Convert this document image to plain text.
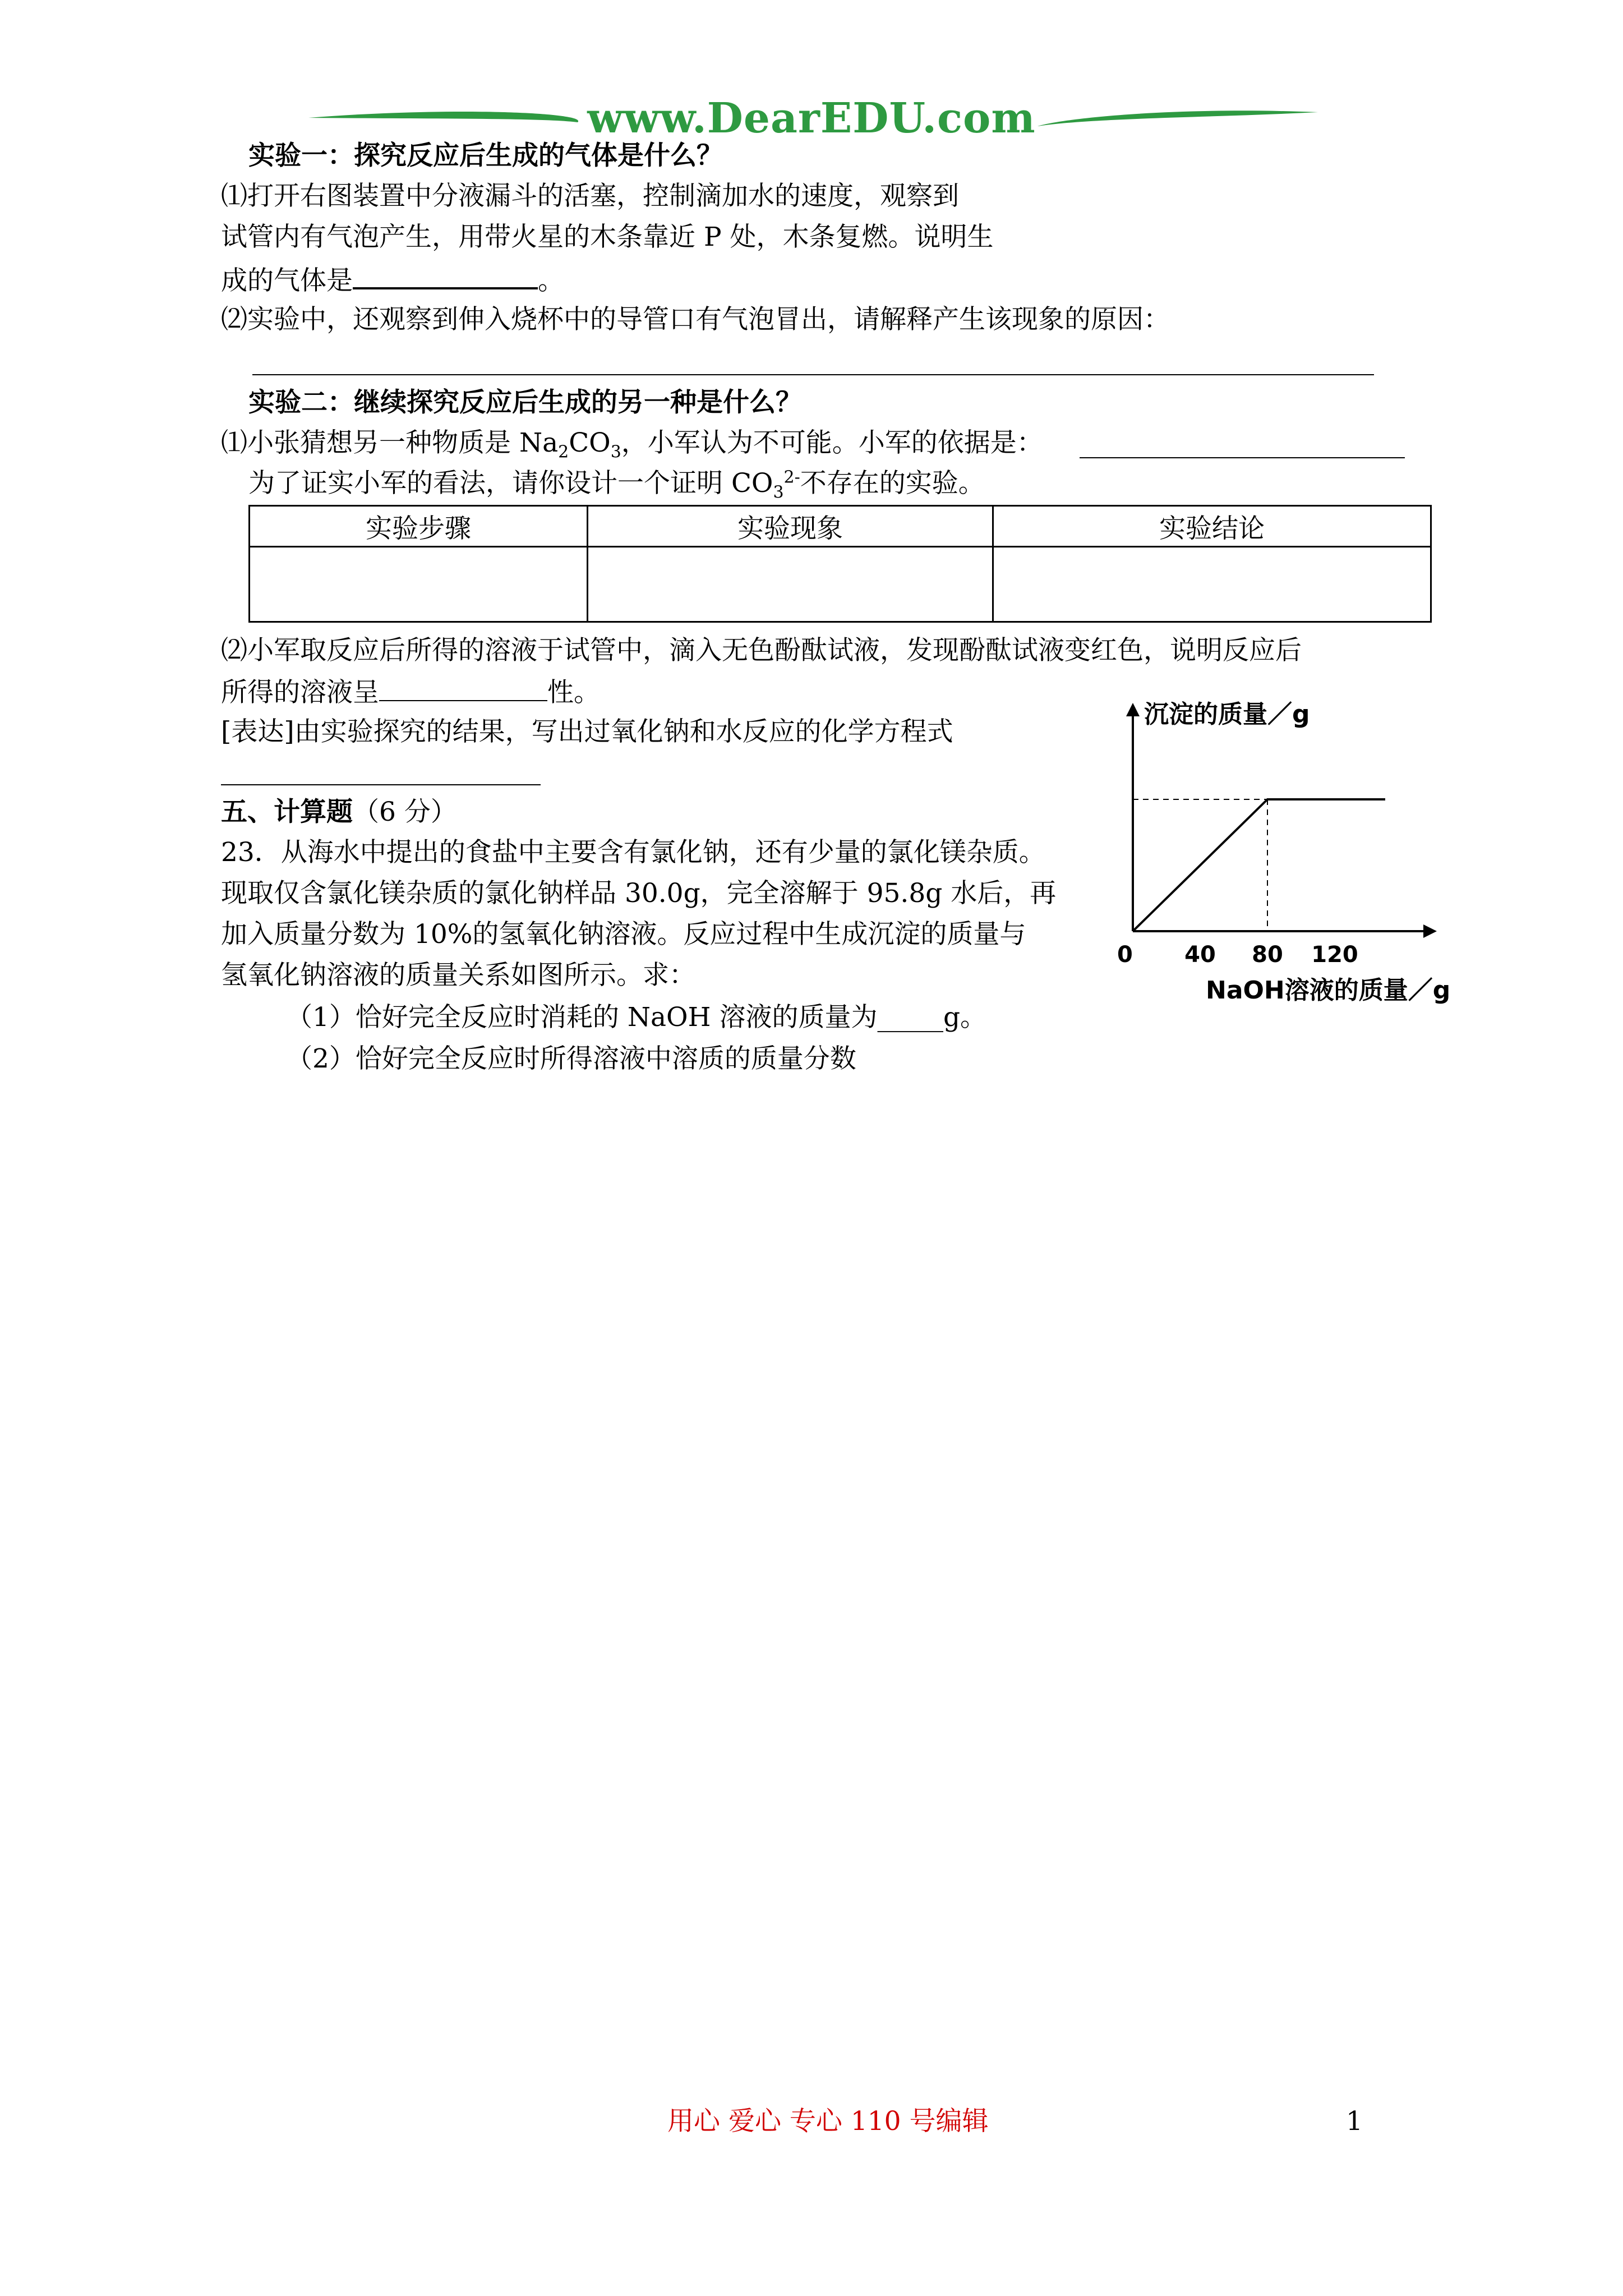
www.DearEDU.com
实验一：探究反应后生成的气体是什么？
⑴打开右图装置中分液漏斗的活塞，控制滴加水的速度，观察到
试管内有气泡产生，用带火星的木条靠近 P 处，木条复燃。说明生
成的气体是	。
⑵实验中，还观察到伸入烧杯中的导管口有气泡冒出，请解释产生该现象的原因：
实验二：继续探究反应后生成的另一种是什么？
⑴小张猜想另一种物质是 $Na_2CO_3$，小军认为不可能。小军的依据是：
为了证实小军的看法，请你设计一个证明 $CO_3^{2-}$不存在的实验。
实验步骤	实验现象	实验结论

⑵小军取反应后所得的溶液于试管中，滴入无色酚酞试液，发现酚酞试液变红色，说明反应后
所得的溶液呈	性。
[表达]由实验探究的结果，写出过氧化钠和水反应的化学方程式
五、计算题（6 分）
23．从海水中提出的食盐中主要含有氯化钠，还有少量的氯化镁杂质。
现取仅含氯化镁杂质的氯化钠样品 30.0g，完全溶解于 95.8g 水后，再
加入质量分数为 10%的氢氧化钠溶液。反应过程中生成沉淀的质量与
氢氧化钠溶液的质量关系如图所示。求：
（1）恰好完全反应时消耗的 NaOH 溶液的质量为_____g。
（2）恰好完全反应时所得溶液中溶质的质量分数
沉淀的质量／g
NaOH溶液的质量／g
0 40 80 120
用心 爱心 专心 110 号编辑	1
